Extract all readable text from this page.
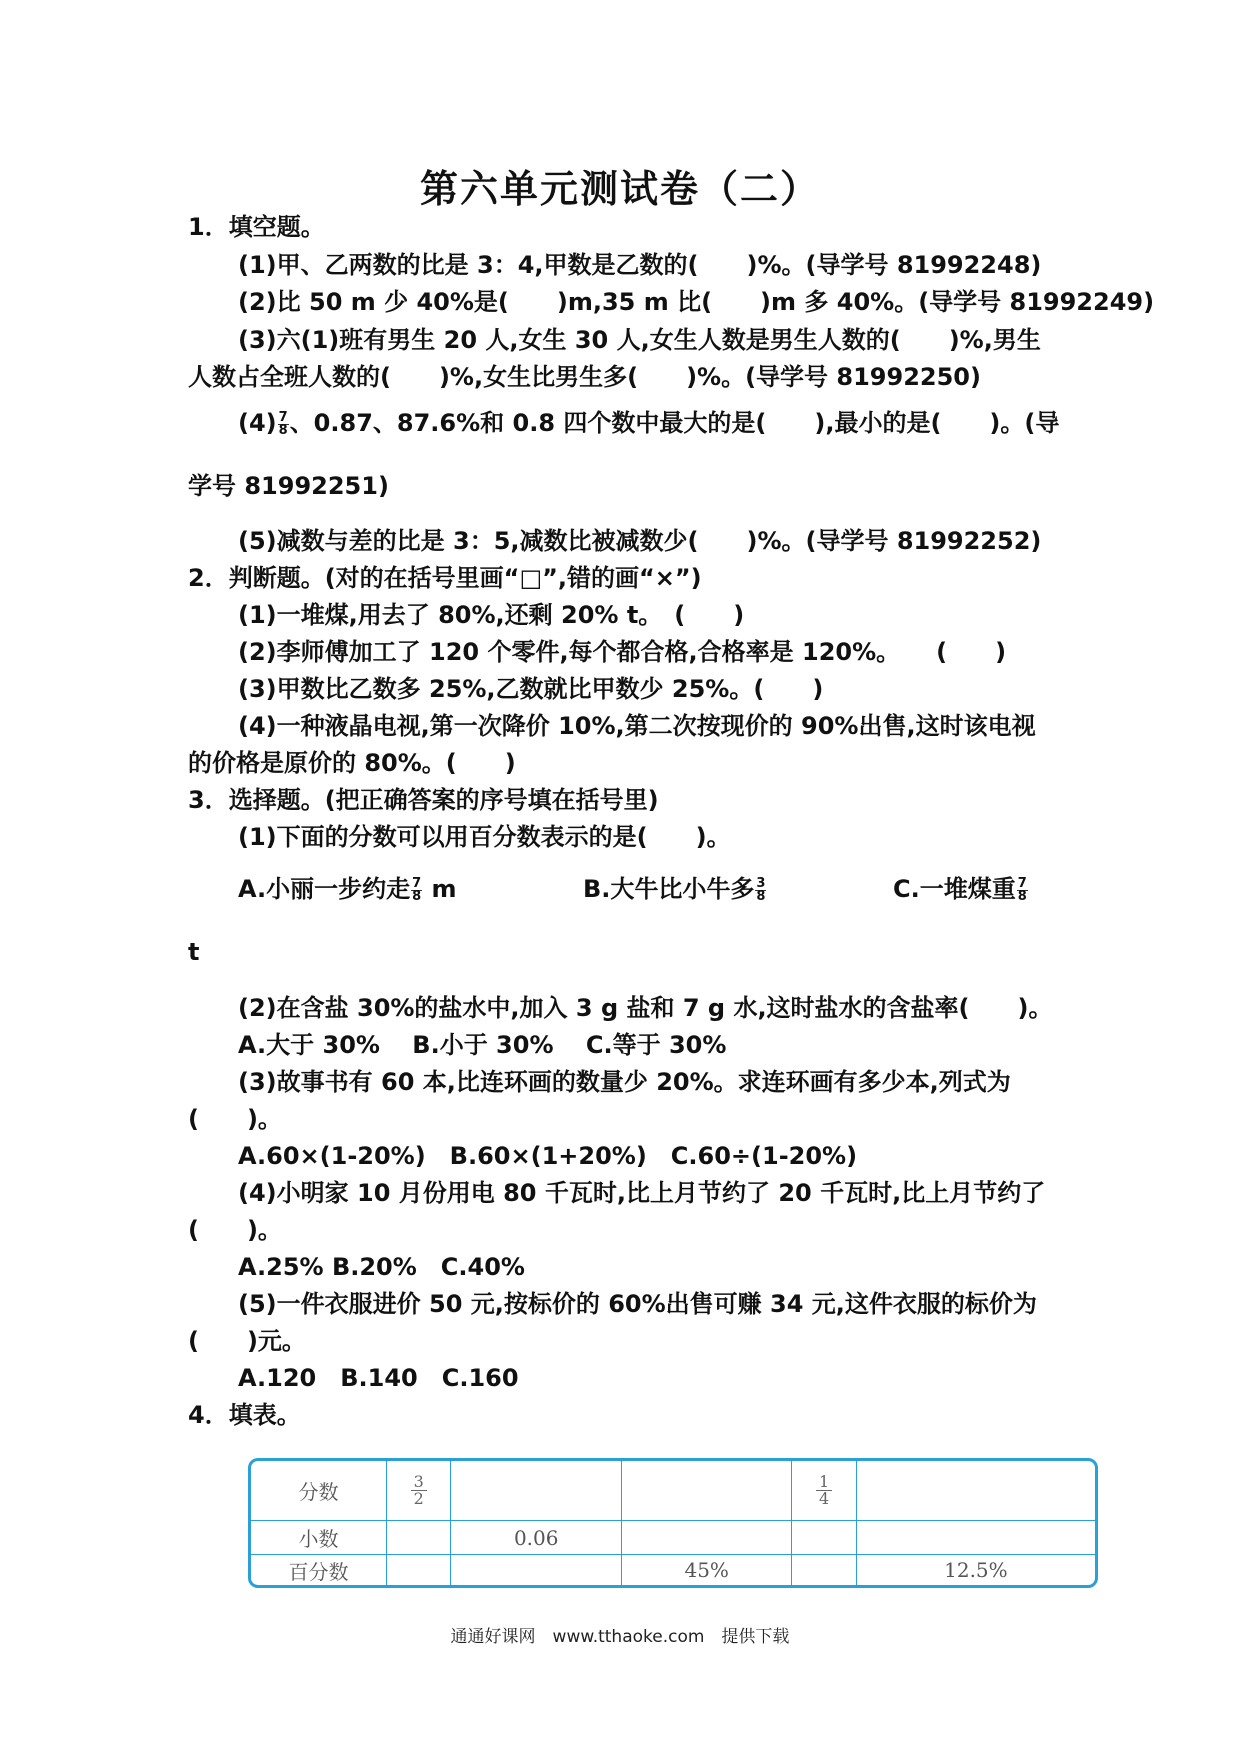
第六单元测试卷（二）
1．填空题。
(1)甲、乙两数的比是 3：4,甲数是乙数的(　　)%。(导学号 81992248)
(2)比 50 m 少 40%是(　　)m,35 m 比(　　)m 多 40%。(导学号 81992249)
(3)六(1)班有男生 20 人,女生 30 人,女生人数是男生人数的(　　)%,男生
人数占全班人数的(　　)%,女生比男生多(　　)%。(导学号 81992250)
$(4) \frac{7}{8}$ 、0.87、87.6%和 0.8 四个数中最大的是(　　),最小的是(　　)。(导
学号 81992251)
(5)减数与差的比是 3：5,减数比被减数少(　　)%。(导学号 81992252)
2．判断题。(对的在括号里画“□”,错的画“×”)
(1)一堆煤,用去了 80%,还剩 20% t。　(　　)
(2)李师傅加工了 120 个零件,每个都合格,合格率是 120%。　　(　　)
(3)甲数比乙数多 25%,乙数就比甲数少 25%。(　　)
(4)一种液晶电视,第一次降价 10%,第二次按现价的 90%出售,这时该电视
的价格是原价的 80%。(　　)
3．选择题。(把正确答案的序号填在括号里)
(1)下面的分数可以用百分数表示的是(　　)。
A.小丽一步约走 $\frac{7}{8}$ m	B.大牛比小牛多 $\frac{3}{8}$	C.一堆煤重 $\frac{7}{8}$
t
(2)在含盐 30%的盐水中,加入 3 g 盐和 7 g 水,这时盐水的含盐率(　　)。
A.大于 30%　 B.小于 30%　 C.等于 30%
(3)故事书有 60 本,比连环画的数量少 20%。求连环画有多少本,列式为
(　　)。
A.60×(1-20%)　B.60×(1+20%)　C.60÷(1-20%)
(4)小明家 10 月份用电 80 千瓦时,比上月节约了 20 千瓦时,比上月节约了
(　　)。
A.25% B.20%　C.40%
(5)一件衣服进价 50 元,按标价的 60%出售可赚 34 元,这件衣服的标价为
(　　)元。
A.120　B.140　C.160
4．填表。
分数	$\frac{3}{2}$			$\frac{1}{4}$	
小数		0.06			
百分数			45%		12.5%
通通好课网　www.tthaoke.com　提供下载
